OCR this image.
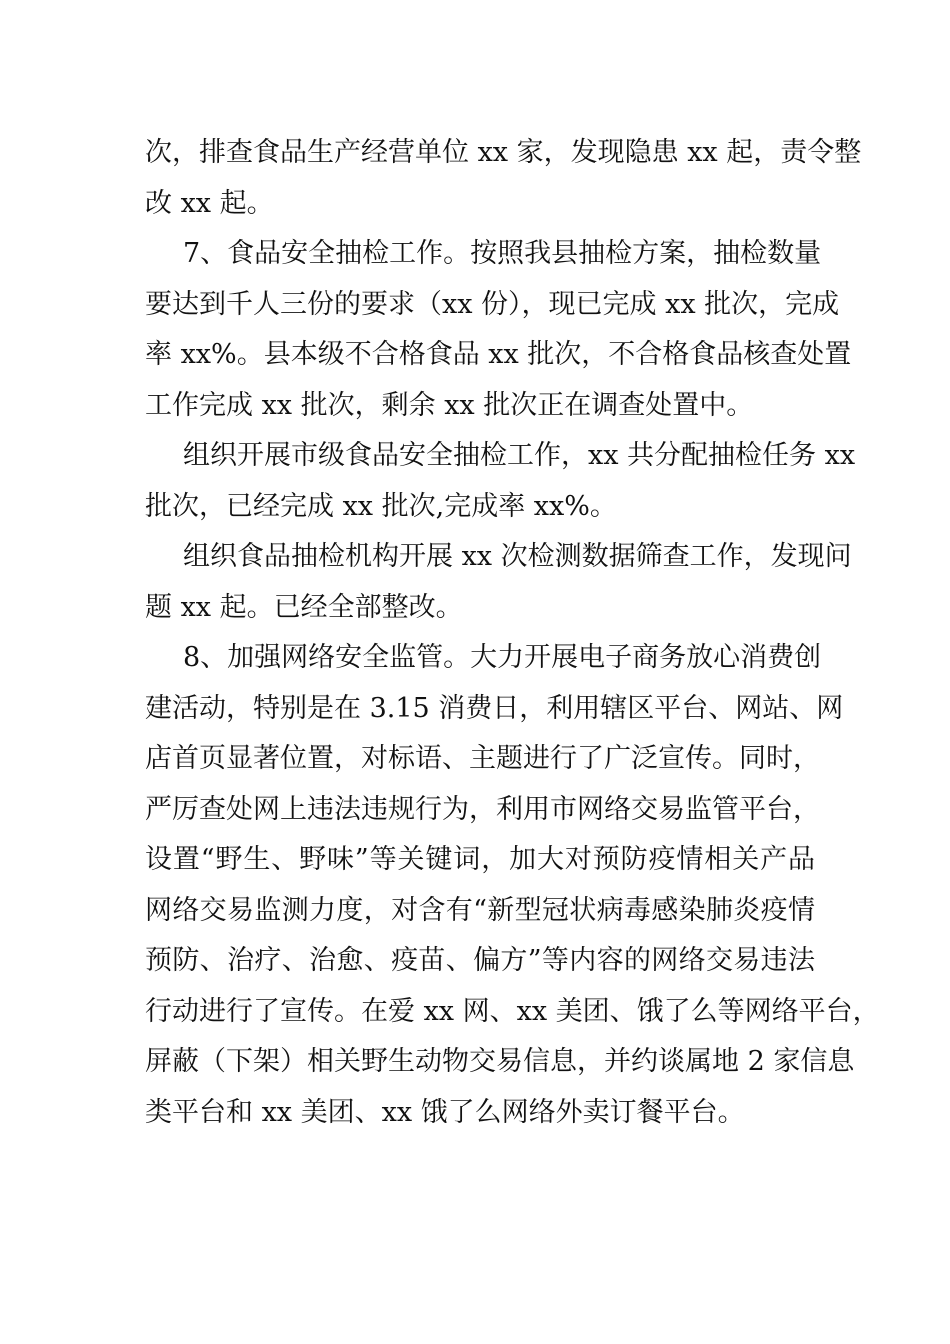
次，排查食品生产经营单位 xx 家，发现隐患 xx 起，责令整

改 xx 起。

7、食品安全抽检工作。按照我县抽检方案，抽检数量

要达到千人三份的要求（xx 份），现已完成 xx 批次，完成

率 xx%。县本级不合格食品 xx 批次，不合格食品核查处置

工作完成 xx 批次，剩余 xx 批次正在调查处置中。

组织开展市级食品安全抽检工作，xx 共分配抽检任务 xx

批次，已经完成 xx 批次,完成率 xx%。

组织食品抽检机构开展 xx 次检测数据筛查工作，发现问

题 xx 起。已经全部整改。

8、加强网络安全监管。大力开展电子商务放心消费创

建活动，特别是在 3.15 消费日，利用辖区平台、网站、网

店首页显著位置，对标语、主题进行了广泛宣传。同时，

严厉查处网上违法违规行为，利用市网络交易监管平台，

设置“野生、野味”等关键词，加大对预防疫情相关产品

网络交易监测力度，对含有“新型冠状病毒感染肺炎疫情

预防、治疗、治愈、疫苗、偏方”等内容的网络交易违法

行动进行了宣传。在爱 xx 网、xx 美团、饿了么等网络平台，

屏蔽（下架）相关野生动物交易信息，并约谈属地 2 家信息

类平台和 xx 美团、xx 饿了么网络外卖订餐平台。
